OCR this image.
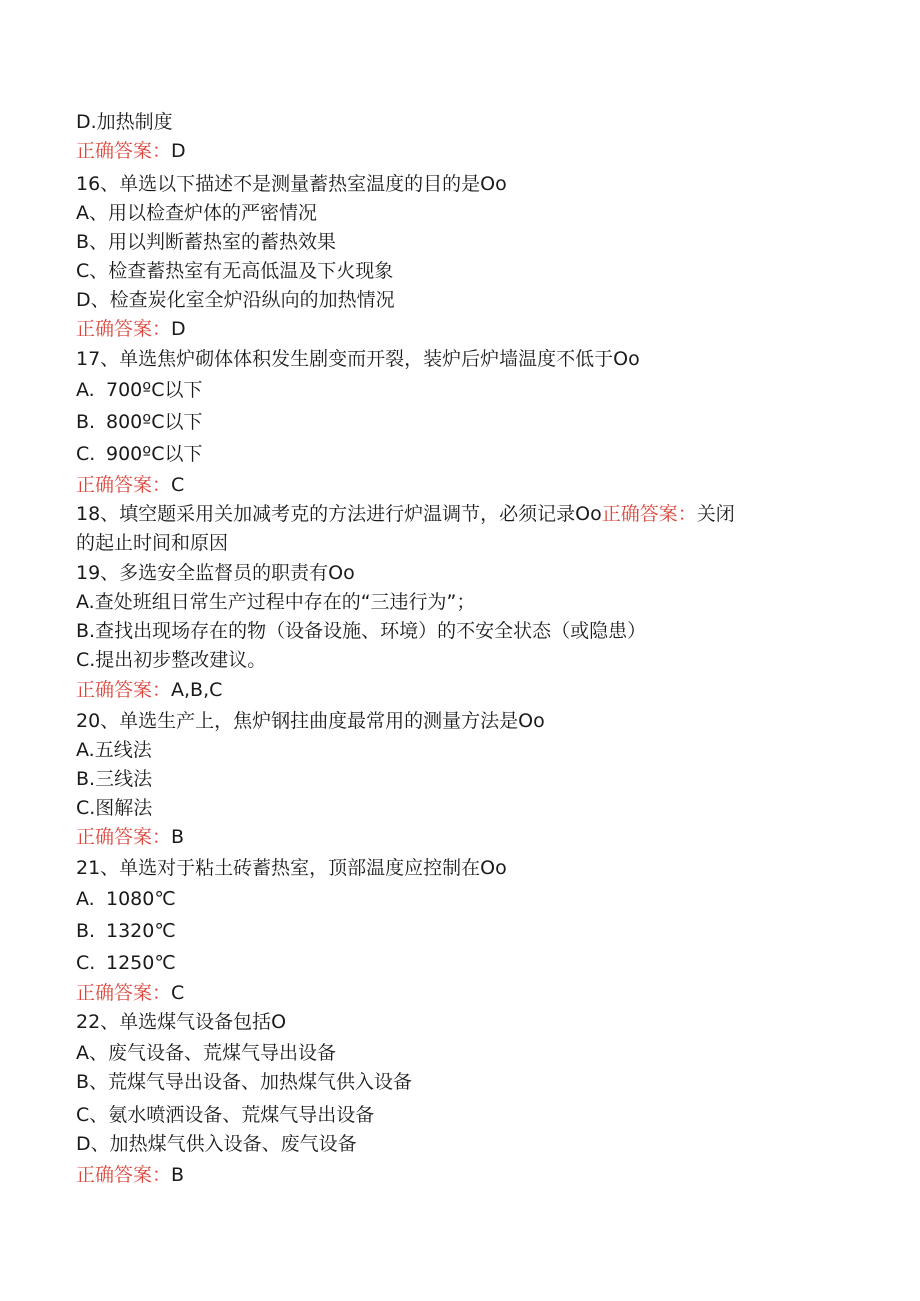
D.加热制度
正确答案：D
16、单选以下描述不是测量蓄热室温度的目的是Oo
A、用以检查炉体的严密情况
B、用以判断蓄热室的蓄热效果
C、检查蓄热室有无高低温及下火现象
D、检查炭化室全炉沿纵向的加热情况
正确答案：D
17、单选焦炉砌体体积发生剧变而开裂，装炉后炉墙温度不低于Oo
A. 700ºC以下
B. 800ºC以下
C. 900ºC以下
正确答案：C
18、填空题采用关加减考克的方法进行炉温调节，必须记录Oo正确答案：关闭
的起止时间和原因
19、多选安全监督员的职责有Oo
A.查处班组日常生产过程中存在的“三违行为”；
B.查找出现场存在的物（设备设施、环境）的不安全状态（或隐患）
C.提出初步整改建议。
正确答案：A,B,C
20、单选生产上，焦炉钢拄曲度最常用的测量方法是Oo
A.五线法
B.三线法
C.图解法
正确答案：B
21、单选对于粘土砖蓄热室，顶部温度应控制在Oo
A. 1080℃
B. 1320℃
C. 1250℃
正确答案：C
22、单选煤气设备包括O
A、废气设备、荒煤气导出设备
B、荒煤气导出设备、加热煤气供入设备
C、氨水喷洒设备、荒煤气导出设备
D、加热煤气供入设备、废气设备
正确答案：B
